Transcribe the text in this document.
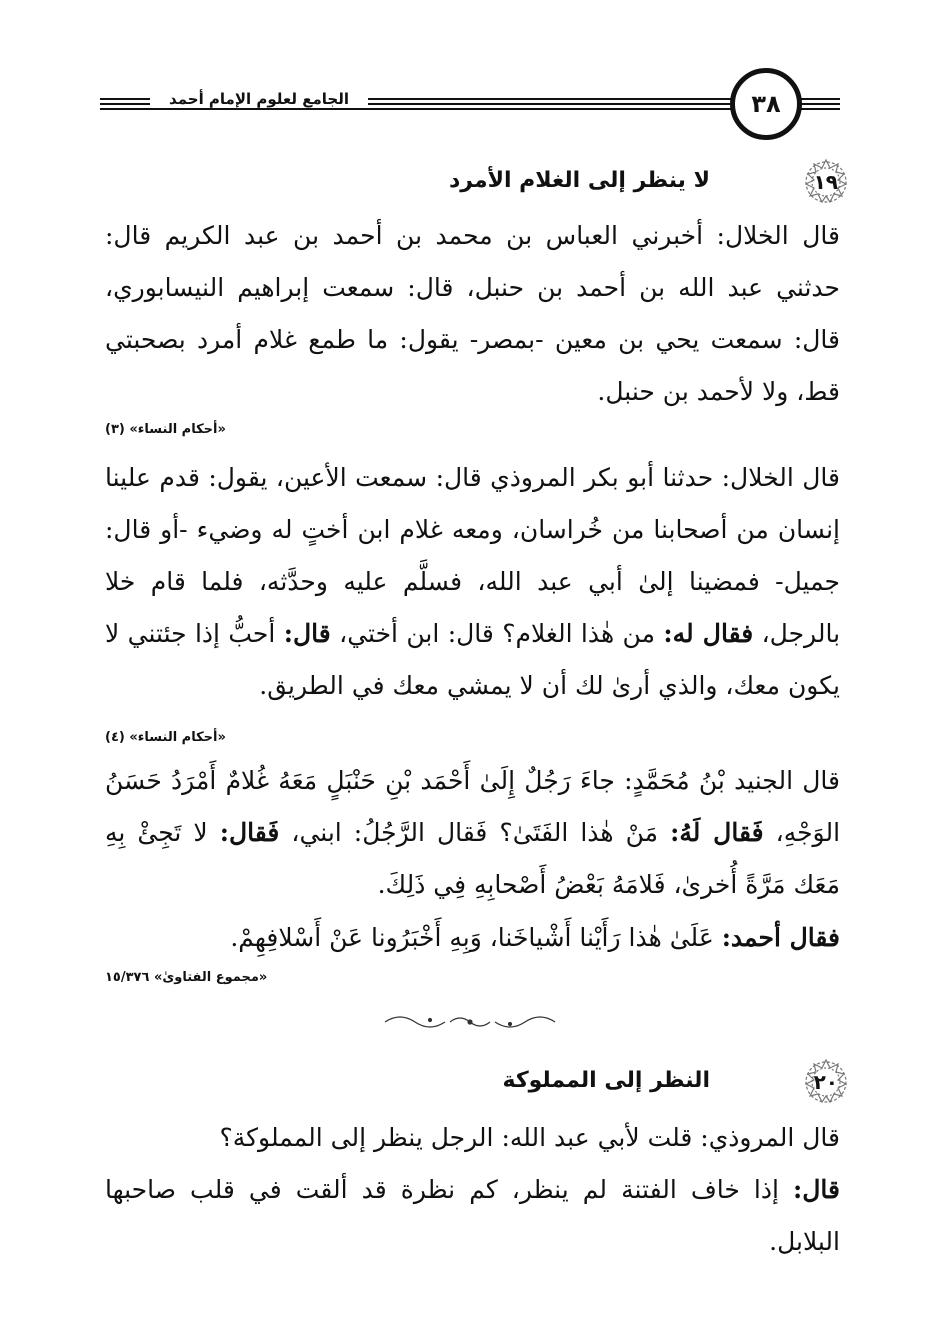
الجامع لعلوم الإمام أحمد	٣٨
١٩
لا ينظر إلى الغلام الأمرد
قال الخلال: أخبرني العباس بن محمد بن أحمد بن عبد الكريم قال: حدثني عبد الله بن أحمد بن حنبل، قال: سمعت إبراهيم النيسابوري، قال: سمعت يحي بن معين -بمصر- يقول: ما طمع غلام أمرد بصحبتي قط، ولا لأحمد بن حنبل.
«أحكام النساء» (٣)
قال الخلال: حدثنا أبو بكر المروذي قال: سمعت الأعين، يقول: قدم علينا إنسان من أصحابنا من خُراسان، ومعه غلام ابن أختٍ له وضيء -أو قال: جميل- فمضينا إلىٰ أبي عبد الله، فسلَّم عليه وحدَّثه، فلما قام خلا بالرجل، فقال له: من هٰذا الغلام؟ قال: ابن أختي، قال: أحبُّ إذا جئتني لا يكون معك، والذي أرىٰ لك أن لا يمشي معك في الطريق.
«أحكام النساء» (٤)
قال الجنيد بْنُ مُحَمَّدٍ: جاءَ رَجُلٌ إِلَىٰ أَحْمَد بْنِ حَنْبَلٍ مَعَهُ غُلامٌ أَمْرَدُ حَسَنُ الوَجْهِ، فَقال لَهُ: مَنْ هٰذا الفَتَىٰ؟ فَقال الرَّجُلُ: ابني، فَقال: لا تَجِئْ بِهِ مَعَك مَرَّةً أُخرىٰ، فَلامَهُ بَعْضُ أَصْحابِهِ فِي ذَلِكَ.
فقال أحمد: عَلَىٰ هٰذا رَأَيْنا أَشْياخَنا، وَبِهِ أَخْبَرُونا عَنْ أَسْلافِهِمْ.
«مجموع الفتاوىٰ» ١٥/٣٧٦
٢٠
النظر إلى المملوكة
قال المروذي: قلت لأبي عبد الله: الرجل ينظر إلى المملوكة؟
قال: إذا خاف الفتنة لم ينظر، كم نظرة قد ألقت في قلب صاحبها البلابل.
